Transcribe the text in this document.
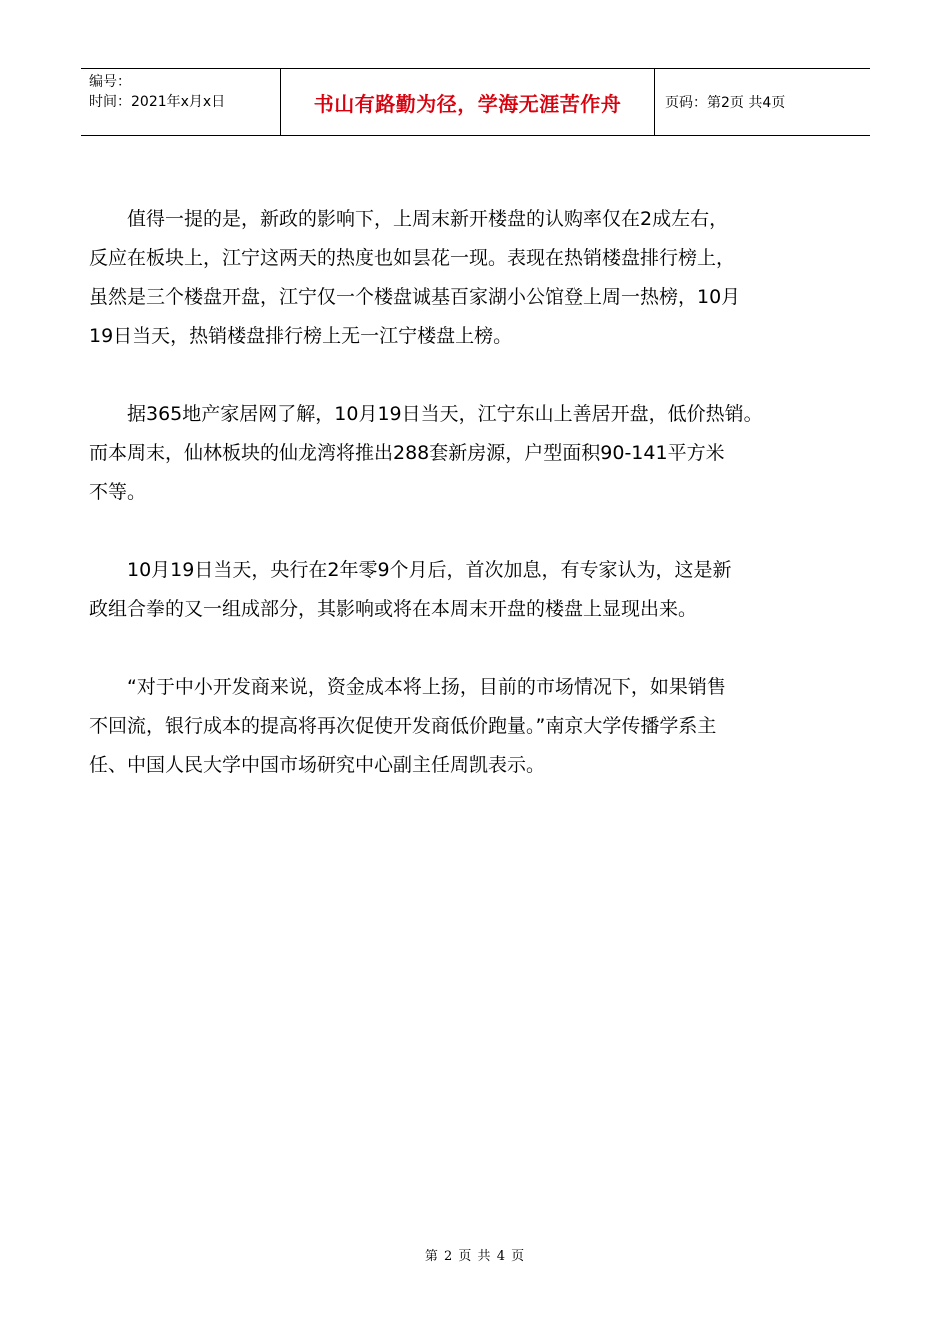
编号：
时间：2021年x月x日	书山有路勤为径，学海无涯苦作舟	页码：第2页 共4页

值得一提的是，新政的影响下，上周末新开楼盘的认购率仅在2成左右，
反应在板块上，江宁这两天的热度也如昙花一现。表现在热销楼盘排行榜上，
虽然是三个楼盘开盘，江宁仅一个楼盘诚基百家湖小公馆登上周一热榜，10月
19日当天，热销楼盘排行榜上无一江宁楼盘上榜。

据365地产家居网了解，10月19日当天，江宁东山上善居开盘，低价热销。
而本周末，仙林板块的仙龙湾将推出288套新房源，户型面积90-141平方米
不等。

10月19日当天，央行在2年零9个月后，首次加息，有专家认为，这是新
政组合拳的又一组成部分，其影响或将在本周末开盘的楼盘上显现出来。

“对于中小开发商来说，资金成本将上扬，目前的市场情况下，如果销售
不回流，银行成本的提高将再次促使开发商低价跑量。”南京大学传播学系主
任、中国人民大学中国市场研究中心副主任周凯表示。

第 2 页 共 4 页
